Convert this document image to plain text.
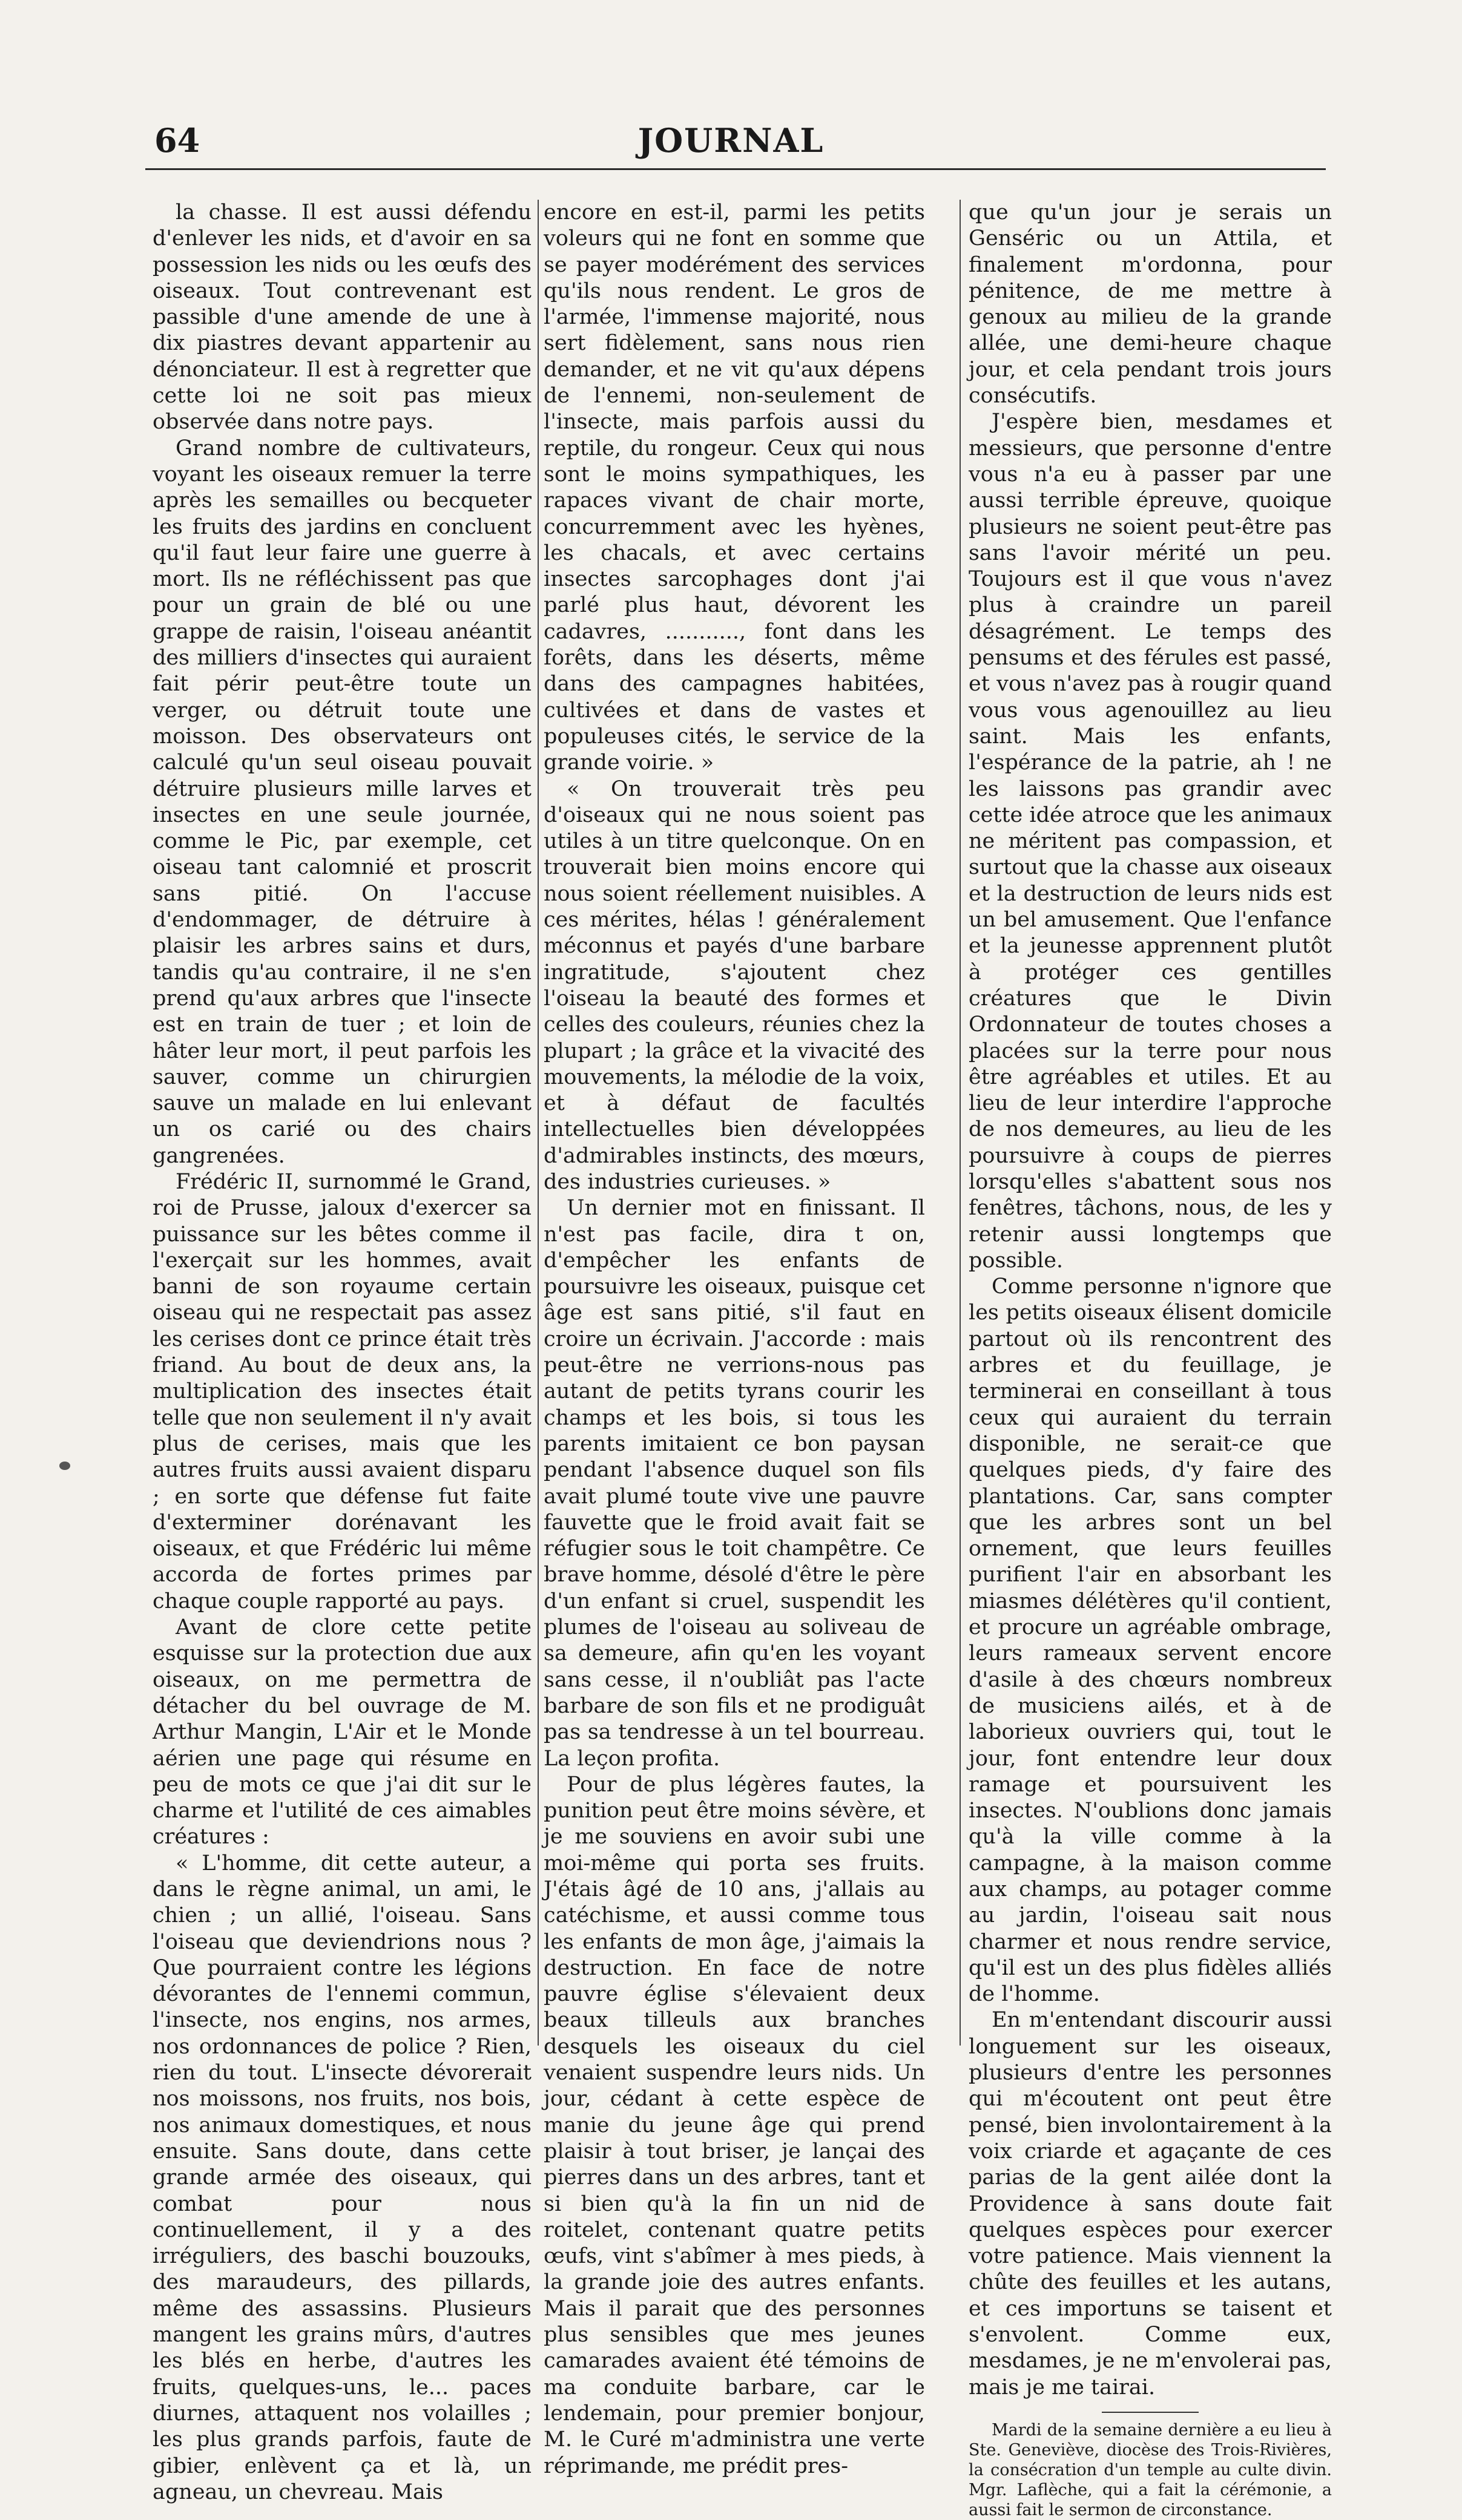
64	JOURNAL

la chasse. Il est aussi défendu d'enlever les nids, et d'avoir en sa possession les nids ou les œufs des oiseaux. Tout contrevenant est passible d'une amende de une à dix piastres devant appartenir au dénonciateur. Il est à regretter que cette loi ne soit pas mieux observée dans notre pays.

Grand nombre de cultivateurs, voyant les oiseaux remuer la terre après les semailles ou becqueter les fruits des jardins en concluent qu'il faut leur faire une guerre à mort. Ils ne réfléchissent pas que pour un grain de blé ou une grappe de raisin, l'oiseau anéantit des milliers d'insectes qui auraient fait périr peut-être toute un verger, ou détruit toute une moisson. Des observateurs ont calculé qu'un seul oiseau pouvait détruire plusieurs mille larves et insectes en une seule journée, comme le Pic, par exemple, cet oiseau tant calomnié et proscrit sans pitié. On l'accuse d'endommager, de détruire à plaisir les arbres sains et durs, tandis qu'au contraire, il ne s'en prend qu'aux arbres que l'insecte est en train de tuer ; et loin de hâter leur mort, il peut parfois les sauver, comme un chirurgien sauve un malade en lui enlevant un os carié ou des chairs gangrenées.

Frédéric II, surnommé le Grand, roi de Prusse, jaloux d'exercer sa puissance sur les bêtes comme il l'exerçait sur les hommes, avait banni de son royaume certain oiseau qui ne respectait pas assez les cerises dont ce prince était très friand. Au bout de deux ans, la multiplication des insectes était telle que non seulement il n'y avait plus de cerises, mais que les autres fruits aussi avaient disparu ; en sorte que défense fut faite d'exterminer dorénavant les oiseaux, et que Frédéric lui même accorda de fortes primes par chaque couple rapporté au pays.

Avant de clore cette petite esquisse sur la protection due aux oiseaux, on me permettra de détacher du bel ouvrage de M. Arthur Mangin, L'Air et le Monde aérien une page qui résume en peu de mots ce que j'ai dit sur le charme et l'utilité de ces aimables créatures :

« L'homme, dit cette auteur, a dans le règne animal, un ami, le chien ; un allié, l'oiseau. Sans l'oiseau que deviendrions nous ? Que pourraient contre les légions dévorantes de l'ennemi commun, l'insecte, nos engins, nos armes, nos ordonnances de police ? Rien, rien du tout. L'insecte dévorerait nos moissons, nos fruits, nos bois, nos animaux domestiques, et nous ensuite. Sans doute, dans cette grande armée des oiseaux, qui combat pour nous continuellement, il y a des irréguliers, des baschi bouzouks, des maraudeurs, des pillards, même des assassins. Plusieurs mangent les grains mûrs, d'autres les blés en herbe, d'autres les fruits, quelques-uns, le... paces diurnes, attaquent nos volailles ; les plus grands parfois, faute de gibier, enlèvent ça et là, un agneau, un chevreau. Mais

encore en est-il, parmi les petits voleurs qui ne font en somme que se payer modérément des services qu'ils nous rendent. Le gros de l'armée, l'immense majorité, nous sert fidèlement, sans nous rien demander, et ne vit qu'aux dépens de l'ennemi, non-seulement de l'insecte, mais parfois aussi du reptile, du rongeur. Ceux qui nous sont le moins sympathiques, les rapaces vivant de chair morte, concurremment avec les hyènes, les chacals, et avec certains insectes sarcophages dont j'ai parlé plus haut, dévorent les cadavres, ..........., font dans les forêts, dans les déserts, même dans des campagnes habitées, cultivées et dans de vastes et populeuses cités, le service de la grande voirie. »

« On trouverait très peu d'oiseaux qui ne nous soient pas utiles à un titre quelconque. On en trouverait bien moins encore qui nous soient réellement nuisibles. A ces mérites, hélas ! généralement méconnus et payés d'une barbare ingratitude, s'ajoutent chez l'oiseau la beauté des formes et celles des couleurs, réunies chez la plupart ; la grâce et la vivacité des mouvements, la mélodie de la voix, et à défaut de facultés intellectuelles bien développées d'admirables instincts, des mœurs, des industries curieuses. »

Un dernier mot en finissant. Il n'est pas facile, dira t on, d'empêcher les enfants de poursuivre les oiseaux, puisque cet âge est sans pitié, s'il faut en croire un écrivain. J'accorde : mais peut-être ne verrions-nous pas autant de petits tyrans courir les champs et les bois, si tous les parents imitaient ce bon paysan pendant l'absence duquel son fils avait plumé toute vive une pauvre fauvette que le froid avait fait se réfugier sous le toit champêtre. Ce brave homme, désolé d'être le père d'un enfant si cruel, suspendit les plumes de l'oiseau au soliveau de sa demeure, afin qu'en les voyant sans cesse, il n'oubliât pas l'acte barbare de son fils et ne prodiguât pas sa tendresse à un tel bourreau. La leçon profita.

Pour de plus légères fautes, la punition peut être moins sévère, et je me souviens en avoir subi une moi-même qui porta ses fruits. J'étais âgé de 10 ans, j'allais au catéchisme, et aussi comme tous les enfants de mon âge, j'aimais la destruction. En face de notre pauvre église s'élevaient deux beaux tilleuls aux branches desquels les oiseaux du ciel venaient suspendre leurs nids. Un jour, cédant à cette espèce de manie du jeune âge qui prend plaisir à tout briser, je lançai des pierres dans un des arbres, tant et si bien qu'à la fin un nid de roitelet, contenant quatre petits œufs, vint s'abîmer à mes pieds, à la grande joie des autres enfants. Mais il parait que des personnes plus sensibles que mes jeunes camarades avaient été témoins de ma conduite barbare, car le lendemain, pour premier bonjour, M. le Curé m'administra une verte réprimande, me prédit pres-

que qu'un jour je serais un Genséric ou un Attila, et finalement m'ordonna, pour pénitence, de me mettre à genoux au milieu de la grande allée, une demi-heure chaque jour, et cela pendant trois jours consécutifs.

J'espère bien, mesdames et messieurs, que personne d'entre vous n'a eu à passer par une aussi terrible épreuve, quoique plusieurs ne soient peut-être pas sans l'avoir mérité un peu. Toujours est il que vous n'avez plus à craindre un pareil désagrément. Le temps des pensums et des férules est passé, et vous n'avez pas à rougir quand vous vous agenouillez au lieu saint. Mais les enfants, l'espérance de la patrie, ah ! ne les laissons pas grandir avec cette idée atroce que les animaux ne méritent pas compassion, et surtout que la chasse aux oiseaux et la destruction de leurs nids est un bel amusement. Que l'enfance et la jeunesse apprennent plutôt à protéger ces gentilles créatures que le Divin Ordonnateur de toutes choses a placées sur la terre pour nous être agréables et utiles. Et au lieu de leur interdire l'approche de nos demeures, au lieu de les poursuivre à coups de pierres lorsqu'elles s'abattent sous nos fenêtres, tâchons, nous, de les y retenir aussi longtemps que possible.

Comme personne n'ignore que les petits oiseaux élisent domicile partout où ils rencontrent des arbres et du feuillage, je terminerai en conseillant à tous ceux qui auraient du terrain disponible, ne serait-ce que quelques pieds, d'y faire des plantations. Car, sans compter que les arbres sont un bel ornement, que leurs feuilles purifient l'air en absorbant les miasmes délétères qu'il contient, et procure un agréable ombrage, leurs rameaux servent encore d'asile à des chœurs nombreux de musiciens ailés, et à de laborieux ouvriers qui, tout le jour, font entendre leur doux ramage et poursuivent les insectes. N'oublions donc jamais qu'à la ville comme à la campagne, à la maison comme aux champs, au potager comme au jardin, l'oiseau sait nous charmer et nous rendre service, qu'il est un des plus fidèles alliés de l'homme.

En m'entendant discourir aussi longuement sur les oiseaux, plusieurs d'entre les personnes qui m'écoutent ont peut être pensé, bien involontairement à la voix criarde et agaçante de ces parias de la gent ailée dont la Providence à sans doute fait quelques espèces pour exercer votre patience. Mais viennent la chûte des feuilles et les autans, et ces importuns se taisent et s'envolent. Comme eux, mesdames, je ne m'envolerai pas, mais je me tairai.

Mardi de la semaine dernière a eu lieu à Ste. Geneviève, diocèse des Trois-Rivières, la consécration d'un temple au culte divin. Mgr. Laflèche, qui a fait la cérémonie, a aussi fait le sermon de circonstance.
